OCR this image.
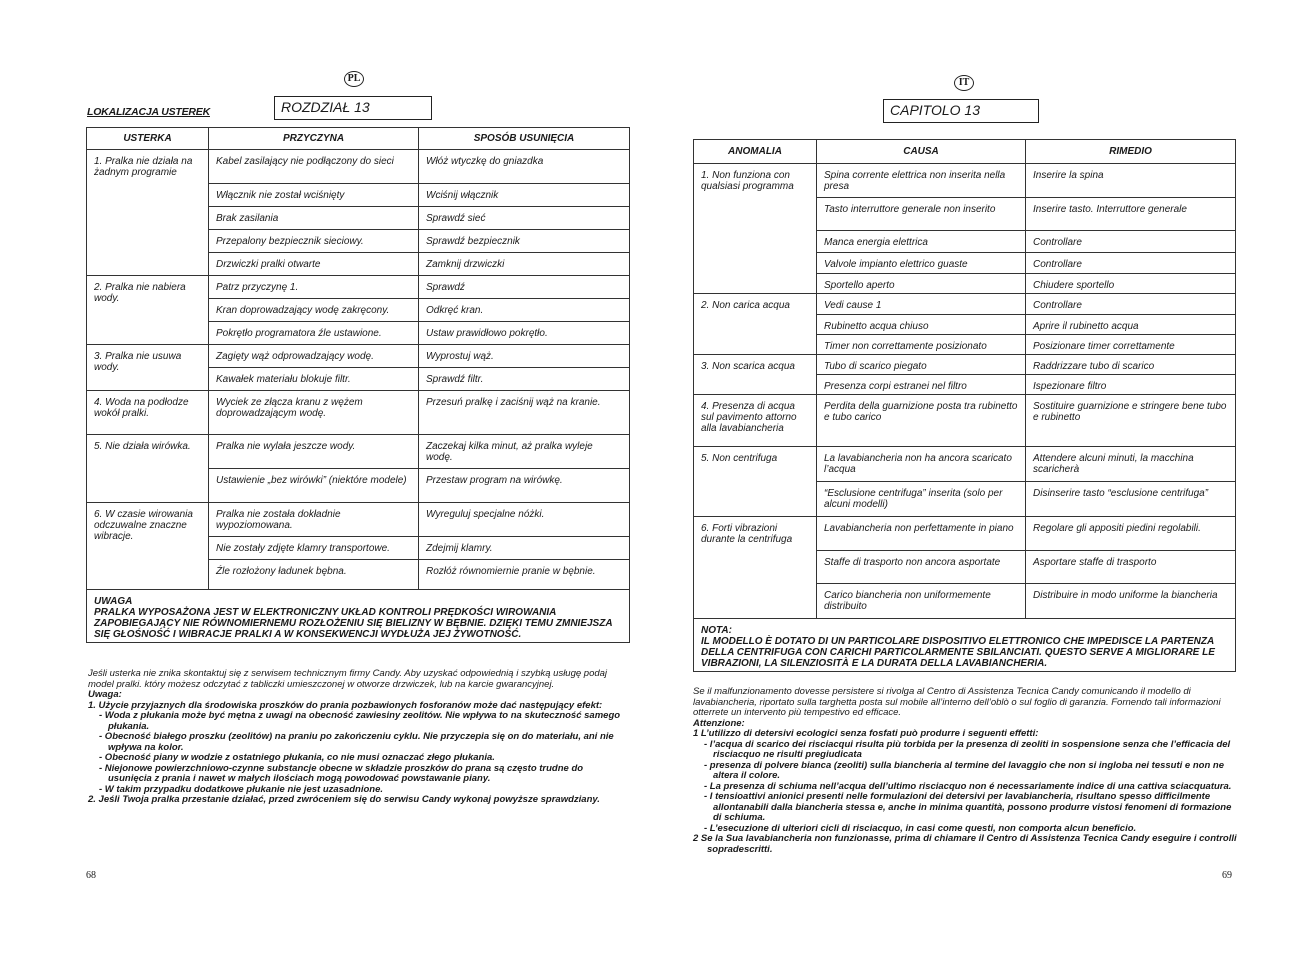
PL
LOKALIZACJA USTEREK	ROZDZIAŁ 13
USTERKA	PRZYCZYNA	SPOSÓB USUNIĘCIA
1. Pralka nie działa na żadnym programie	Kabel zasilający nie podłączony do sieci	Włóż wtyczkę do gniazdka
	Włącznik nie został wciśnięty	Wciśnij włącznik
	Brak zasilania	Sprawdź sieć
	Przepalony bezpiecznik sieciowy.	Sprawdź bezpiecznik
	Drzwiczki pralki otwarte	Zamknij drzwiczki
2. Pralka nie nabiera wody.	Patrz przyczynę 1.	Sprawdź
	Kran doprowadzający wodę zakręcony.	Odkręć kran.
	Pokrętło programatora źle ustawione.	Ustaw prawidłowo pokrętło.
3. Pralka nie usuwa wody.	Zagięty wąż odprowadzający wodę.	Wyprostuj wąż.
	Kawałek materiału blokuje filtr.	Sprawdź filtr.
4. Woda na podłodze wokół pralki.	Wyciek ze złącza kranu z wężem doprowadzającym wodę.	Przesuń pralkę i zaciśnij wąż na kranie.
5. Nie działa wirówka.	Pralka nie wylała jeszcze wody.	Zaczekaj kilka minut, aż pralka wyleje wodę.
	Ustawienie „bez wirówki” (niektóre modele)	Przestaw program na wirówkę.
6. W czasie wirowania odczuwalne znaczne wibracje.	Pralka nie została dokładnie wypoziomowana.	Wyreguluj specjalne nóżki.
	Nie zostały zdjęte klamry transportowe.	Zdejmij klamry.
	Źle rozłożony ładunek bębna.	Rozłóż równomiernie pranie w bębnie.

UWAGA
PRALKA WYPOSAŻONA JEST W ELEKTRONICZNY UKŁAD KONTROLI PRĘDKOŚCI WIROWANIA ZAPOBIEGAJĄCY NIE RÓWNOMIERNEMU ROZŁOŻENIU SIĘ BIELIZNY W BĘBNIE. DZIĘKI TEMU ZMNIEJSZA SIĘ GŁOŚNOŚĆ I WIBRACJE PRALKI A W KONSEKWENCJI WYDŁUŻA JEJ ŻYWOTNOŚĆ.		

Jeśli usterka nie znika skontaktuj się z serwisem technicznym firmy Candy. Aby uzyskać odpowiednią i szybką usługę podaj model pralki. który możesz odczytać z tabliczki umieszczonej w otworze drzwiczek, lub na karcie gwarancyjnej.

Uwaga:

1. Użycie przyjaznych dla środowiska proszków do prania pozbawionych fosforanów może dać następujący efekt:

- Woda z płukania może być mętna z uwagi na obecność zawiesiny zeolitów. Nie wpływa to na skuteczność samego płukania.

- Obecność białego proszku (zeolitów) na praniu po zakończeniu cyklu. Nie przyczepia się on do materiału, ani nie wpływa na kolor.

- Obecność piany w wodzie z ostatniego płukania, co nie musi oznaczać złego płukania.

- Niejonowe powierzchniowo-czynne substancje obecne w składzie proszków do prana są często trudne do usunięcia z prania i nawet w małych ilościach mogą powodować powstawanie piany.

- W takim przypadku dodatkowe płukanie nie jest uzasadnione.

2. Jeśli Twoja pralka przestanie działać, przed zwróceniem się do serwisu Candy wykonaj powyższe sprawdziany.

68
IT
CAPITOLO 13
ANOMALIA	CAUSA	RIMEDIO
1. Non funziona con qualsiasi programma	Spina corrente elettrica non inserita nella presa	Inserire la spina
	Tasto interruttore generale non inserito	Inserire tasto. Interruttore generale
	Manca energia elettrica	Controllare
	Valvole impianto elettrico guaste	Controllare
	Sportello aperto	Chiudere sportello
2. Non carica acqua	Vedi cause 1	Controllare
	Rubinetto acqua chiuso	Aprire il rubinetto acqua
	Timer non correttamente posizionato	Posizionare timer correttamente
3. Non scarica acqua	Tubo di scarico piegato	Raddrizzare tubo di scarico
	Presenza corpi estranei nel filtro	Ispezionare filtro
4. Presenza di acqua sul pavimento attorno alla lavabiancheria	Perdita della guarnizione posta tra rubinetto e tubo carico	Sostituire guarnizione e stringere bene tubo e rubinetto
5. Non centrifuga	La lavabiancheria non ha ancora scaricato l’acqua	Attendere alcuni minuti, la macchina scaricherà
	“Esclusione centrifuga” inserita (solo per alcuni modelli)	Disinserire tasto “esclusione centrifuga”
6. Forti vibrazioni durante la centrifuga	Lavabiancheria non perfettamente in piano	Regolare gli appositi piedini regolabili.
	Staffe di trasporto non ancora asportate	Asportare staffe di trasporto
	Carico biancheria non uniformemente distribuito	Distribuire in modo uniforme la biancheria

NOTA:
IL MODELLO È DOTATO DI UN PARTICOLARE DISPOSITIVO ELETTRONICO CHE IMPEDISCE LA PARTENZA DELLA CENTRIFUGA CON CARICHI PARTICOLARMENTE SBILANCIATI. QUESTO SERVE A MIGLIORARE LE VIBRAZIONI, LA SILENZIOSITÀ E LA DURATA DELLA LAVABIANCHERIA.		

Se il malfunzionamento dovesse persistere si rivolga al Centro di Assistenza Tecnica Candy comunicando il modello di lavabiancheria, riportato sulla targhetta posta sul mobile all’interno dell’oblò o sul foglio di garanzia. Fornendo tali informazioni otterrete un intervento più tempestivo ed efficace.

Attenzione:

1 L’utilizzo di detersivi ecologici senza fosfati può produrre i seguenti effetti:

- l’acqua di scarico dei risciacqui risulta più torbida per la presenza di zeoliti in sospensione senza che l’efficacia del risciacquo ne risulti pregiudicata

- presenza di polvere bianca (zeoliti) sulla biancheria al termine del lavaggio che non si ingloba nei tessuti e non ne altera il colore.

- La presenza di schiuma nell’acqua dell’ultimo risciacquo non é necessariamente indice di una cattiva sciacquatura.

- I tensioattivi anionici presenti nelle formulazioni dei detersivi per lavabiancheria, risultano spesso difficilmente allontanabili dalla biancheria stessa e, anche in minima quantità, possono produrre vistosi fenomeni di formazione di schiuma.

- L’esecuzione di ulteriori cicli di risciacquo, in casi come questi, non comporta alcun beneficio.

2 Se la Sua lavabiancheria non funzionasse, prima di chiamare il Centro di Assistenza Tecnica Candy eseguire i controlli sopradescritti.

69
